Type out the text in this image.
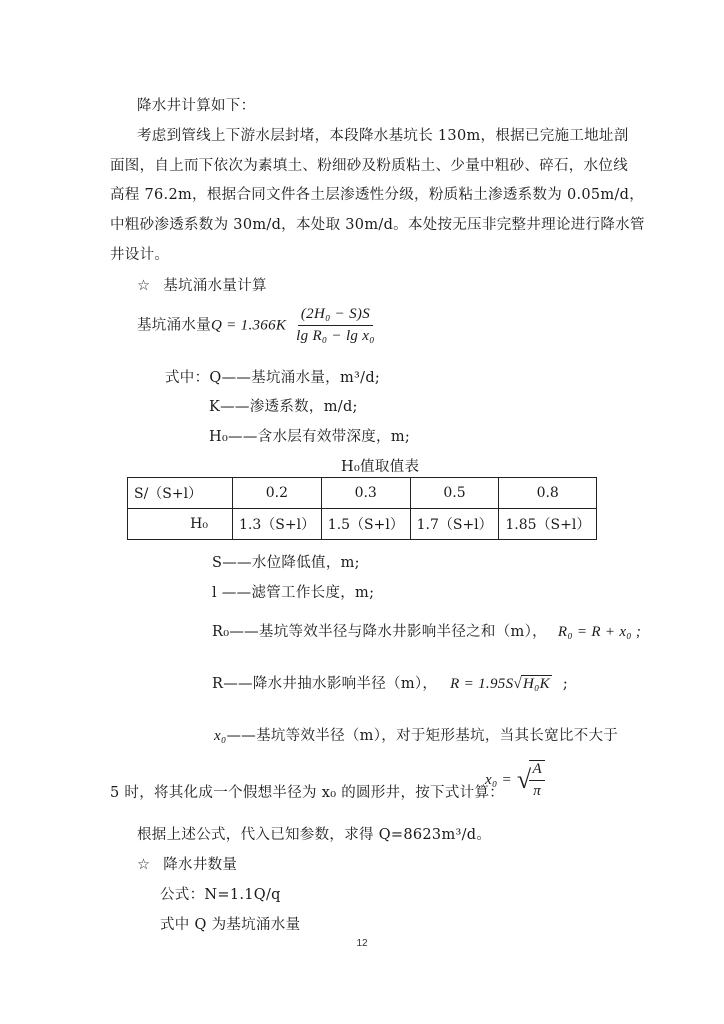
降水井计算如下：
考虑到管线上下游水层封堵，本段降水基坑长 130m，根据已完施工地址剖
面图，自上而下依次为素填土、粉细砂及粉质粘土、少量中粗砂、碎石，水位线
高程 76.2m，根据合同文件各土层渗透性分级，粉质粘土渗透系数为 0.05m/d，
中粗砂渗透系数为 30m/d，本处取 30m/d。本处按无压非完整井理论进行降水管
井设计。
☆ 基坑涌水量计算
基坑涌水量$Q = 1.366K \frac{\text{(2H₀ − S)S}}{\text{lg R₀ − lg x₀}}$
式中：Q——基坑涌水量，m³/d;
K——渗透系数，m/d;
H₀——含水层有效带深度，m;
H₀值取值表
S/（S+l）	0.2	0.3	0.5	0.8
H₀	1.3（S+l）	1.5（S+l）	1.7（S+l）	1.85（S+l）
S——水位降低值，m;
l ——滤管工作长度，m;
R₀——基坑等效半径与降水井影响半径之和（m）， R₀ = R + x₀ ;
R——降水井抽水影响半径（m）， R = 1.95S√H₀K ;
x₀——基坑等效半径（m），对于矩形基坑，当其长宽比不大于
5 时，将其化成一个假想半径为 x₀ 的圆形井，按下式计算：
x₀ = √
$\frac{A}{\pi}$
根据上述公式，代入已知参数，求得 Q=8623m³/d。
☆ 降水井数量
公式：N=1.1Q/q
式中 Q 为基坑涌水量
12
